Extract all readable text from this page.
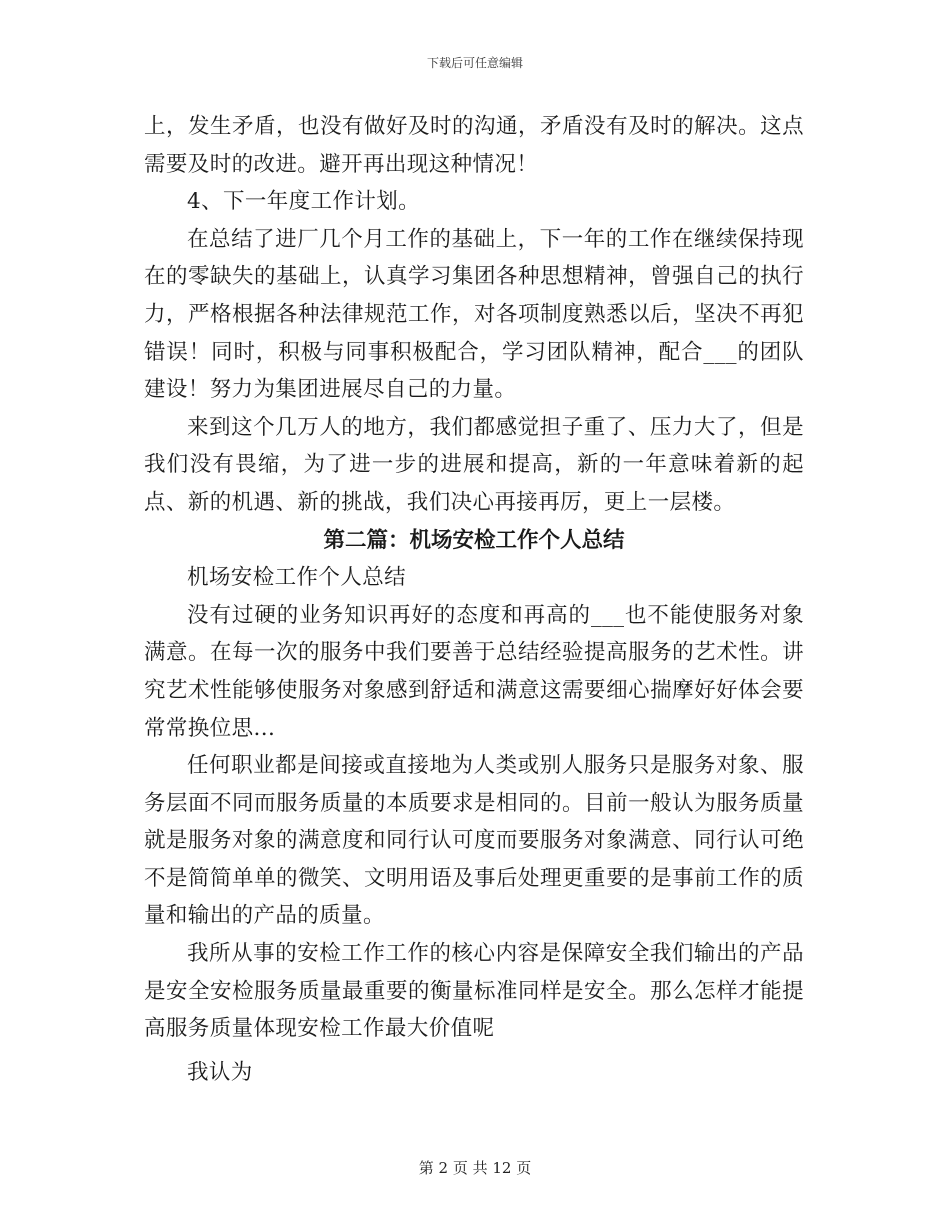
下载后可任意编辑

上，发生矛盾，也没有做好及时的沟通，矛盾没有及时的解决。这点需要及时的改进。避开再出现这种情况！

4、下一年度工作计划。

在总结了进厂几个月工作的基础上，下一年的工作在继续保持现在的零缺失的基础上，认真学习集团各种思想精神，曾强自己的执行力，严格根据各种法律规范工作，对各项制度熟悉以后，坚决不再犯错误！同时，积极与同事积极配合，学习团队精神，配合___的团队建设！努力为集团进展尽自己的力量。

来到这个几万人的地方，我们都感觉担子重了、压力大了，但是我们没有畏缩，为了进一步的进展和提高，新的一年意味着新的起点、新的机遇、新的挑战，我们决心再接再厉，更上一层楼。

第二篇：机场安检工作个人总结

机场安检工作个人总结

没有过硬的业务知识再好的态度和再高的___也不能使服务对象满意。在每一次的服务中我们要善于总结经验提高服务的艺术性。讲究艺术性能够使服务对象感到舒适和满意这需要细心揣摩好好体会要常常换位思...

任何职业都是间接或直接地为人类或别人服务只是服务对象、服务层面不同而服务质量的本质要求是相同的。目前一般认为服务质量就是服务对象的满意度和同行认可度而要服务对象满意、同行认可绝不是简简单单的微笑、文明用语及事后处理更重要的是事前工作的质量和输出的产品的质量。

我所从事的安检工作工作的核心内容是保障安全我们输出的产品是安全安检服务质量最重要的衡量标准同样是安全。那么怎样才能提高服务质量体现安检工作最大价值呢

我认为

第 2 页 共 12 页
